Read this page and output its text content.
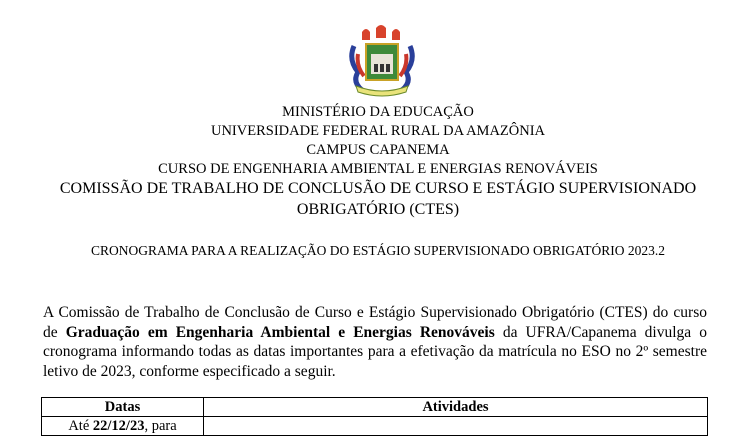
MINISTÉRIO DA EDUCAÇÃO
UNIVERSIDADE FEDERAL RURAL DA AMAZÔNIA
CAMPUS CAPANEMA
CURSO DE ENGENHARIA AMBIENTAL E ENERGIAS RENOVÁVEIS
COMISSÃO DE TRABALHO DE CONCLUSÃO DE CURSO E ESTÁGIO SUPERVISIONADO
OBRIGATÓRIO (CTES)
CRONOGRAMA PARA A REALIZAÇÃO DO ESTÁGIO SUPERVISIONADO OBRIGATÓRIO 2023.2
A Comissão de Trabalho de Conclusão de Curso e Estágio Supervisionado Obrigatório (CTES) do curso de Graduação em Engenharia Ambiental e Energias Renováveis da UFRA/Capanema divulga o cronograma informando todas as datas importantes para a efetivação da matrícula no ESO no 2º semestre letivo de 2023, conforme especificado a seguir.
Datas	Atividades
Até 22/12/23, para	
